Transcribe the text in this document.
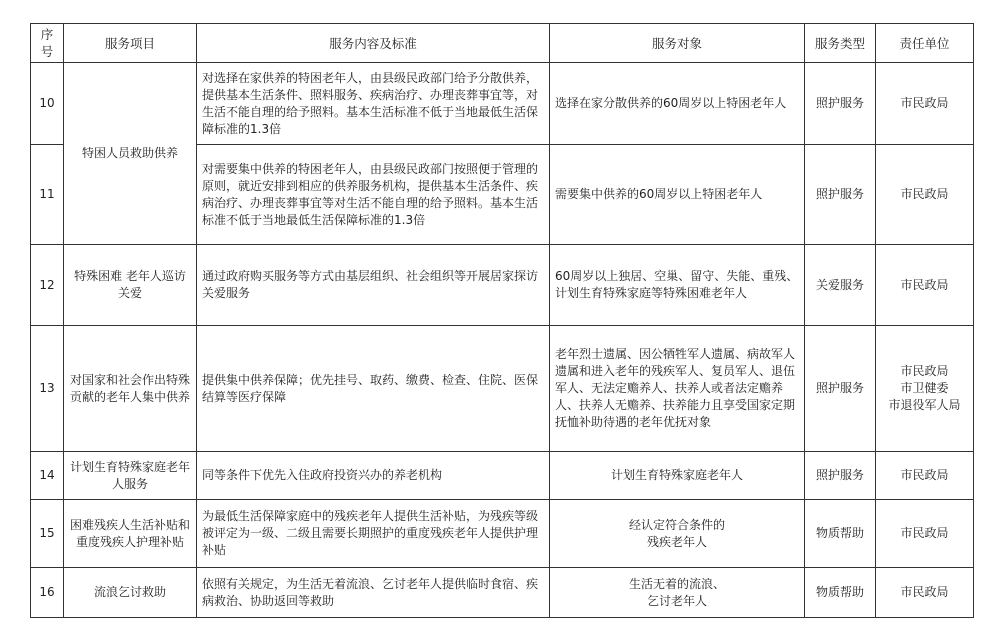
序号	服务项目	服务内容及标准	服务对象	服务类型	责任单位
10	特困人员救助供养	对选择在家供养的特困老年人，由县级民政部门给予分散供养，提供基本生活条件、照料服务、疾病治疗、办理丧葬事宜等，对生活不能自理的给予照料。基本生活标准不低于当地最低生活保障标准的1.3倍	选择在家分散供养的60周岁以上特困老年人	照护服务	市民政局
11		对需要集中供养的特困老年人，由县级民政部门按照便于管理的原则，就近安排到相应的供养服务机构，提供基本生活条件、疾病治疗、办理丧葬事宜等对生活不能自理的给予照料。基本生活标准不低于当地最低生活保障标准的1.3倍	需要集中供养的60周岁以上特困老年人	照护服务	市民政局
12	特殊困难 老年人巡访关爱	通过政府购买服务等方式由基层组织、社会组织等开展居家探访关爱服务	60周岁以上独居、空巢、留守、失能、重残、计划生育特殊家庭等特殊困难老年人	关爱服务	市民政局
13	对国家和社会作出特殊贡献的老年人集中供养	提供集中供养保障；优先挂号、取药、缴费、检查、住院、医保结算等医疗保障	老年烈士遗属、因公牺牲军人遗属、病故军人遗属和进入老年的残疾军人、复员军人、退伍军人、无法定赡养人、扶养人或者法定赡养人、扶养人无赡养、扶养能力且享受国家定期抚恤补助待遇的老年优抚对象	照护服务	市民政局
市卫健委
市退役军人局
14	计划生育特殊家庭老年人服务	同等条件下优先入住政府投资兴办的养老机构	计划生育特殊家庭老年人	照护服务	市民政局
15	困难残疾人生活补贴和重度残疾人护理补贴	为最低生活保障家庭中的残疾老年人提供生活补贴，为残疾等级被评定为一级、二级且需要长期照护的重度残疾老年人提供护理补贴	经认定符合条件的
残疾老年人	物质帮助	市民政局
16	流浪乞讨救助	依照有关规定，为生活无着流浪、乞讨老年人提供临时食宿、疾病救治、协助返回等救助	生活无着的流浪、
乞讨老年人	物质帮助	市民政局
